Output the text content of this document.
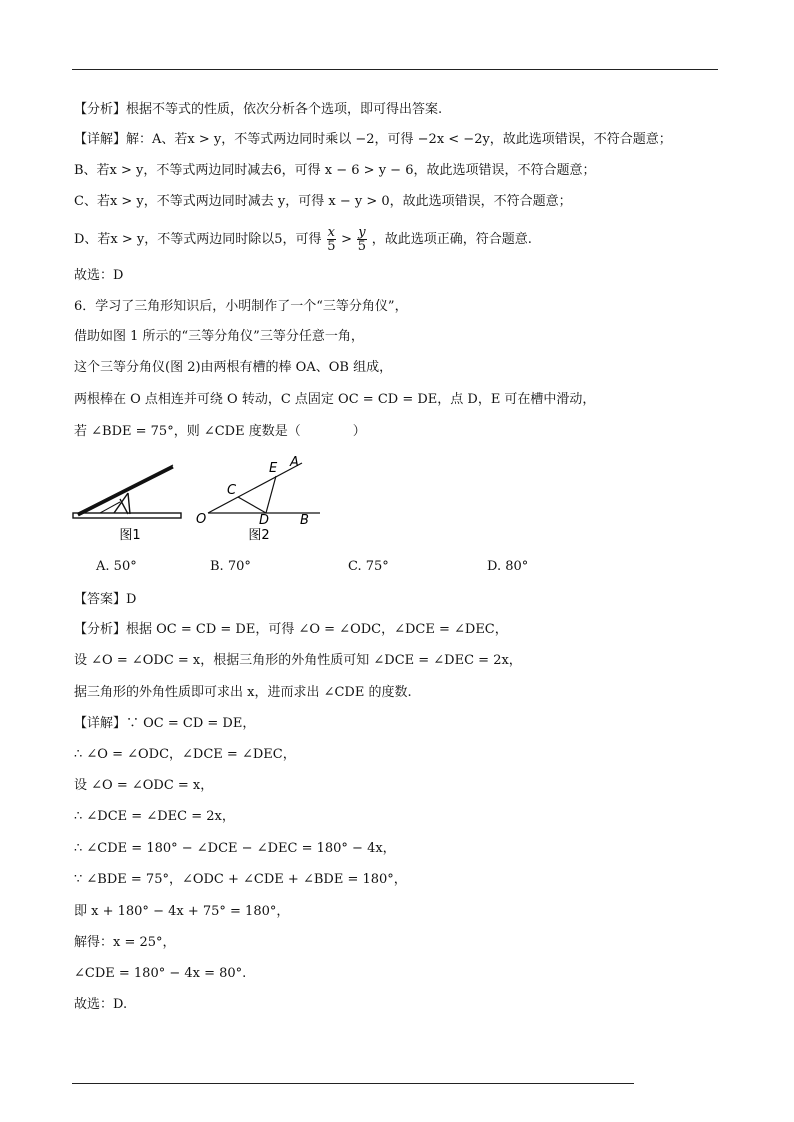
【分析】根据不等式的性质，依次分析各个选项，即可得出答案.
【详解】解：A、若x > y，不等式两边同时乘以 −2，可得 −2x < −2y，故此选项错误，不符合题意；
B、若x > y，不等式两边同时减去6，可得 x − 6 > y − 6，故此选项错误，不符合题意；
C、若x > y，不等式两边同时减去 y，可得 x − y > 0，故此选项错误，不符合题意；
D、若x > y，不等式两边同时除以5，可得 $\frac{x}{5} > \frac{y}{5}$ ，故此选项正确，符合题意.
故选：D
6．学习了三角形知识后，小明制作了一个“三等分角仪”，
借助如图 1 所示的“三等分角仪”三等分任意一角，
这个三等分角仪(图 2)由两根有槽的棒 OA、OB 组成，
两根棒在 O 点相连并可绕 O 转动，C 点固定 OC = CD = DE，点 D，E 可在槽中滑动，
若 ∠BDE = 75°，则 ∠CDE 度数是（　　　　）
图1
O
C
D
E A
B
图2
A. 50°	B. 70°	C. 75°	D. 80°
【答案】D
【分析】根据 OC = CD = DE，可得 ∠O = ∠ODC，∠DCE = ∠DEC，
设 ∠O = ∠ODC = x，根据三角形的外角性质可知 ∠DCE = ∠DEC = 2x，
据三角形的外角性质即可求出 x，进而求出 ∠CDE 的度数.
【详解】∵ OC = CD = DE，
∴ ∠O = ∠ODC，∠DCE = ∠DEC，
设 ∠O = ∠ODC = x，
∴ ∠DCE = ∠DEC = 2x，
∴ ∠CDE = 180° − ∠DCE − ∠DEC = 180° − 4x，
∵ ∠BDE = 75°，∠ODC + ∠CDE + ∠BDE = 180°，
即 x + 180° − 4x + 75° = 180°，
解得：x = 25°，
∠CDE = 180° − 4x = 80°.
故选：D.
